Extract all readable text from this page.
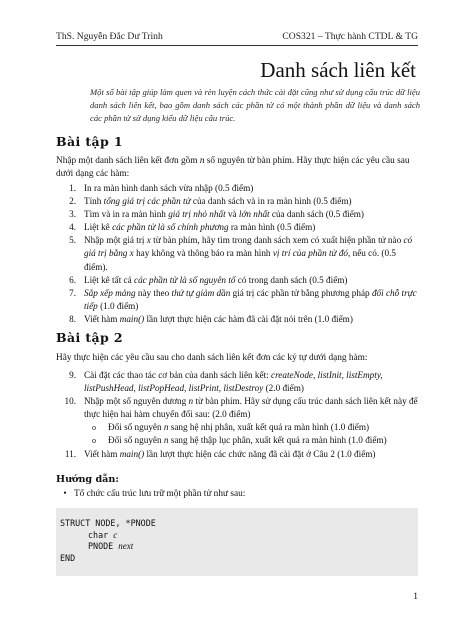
ThS. Nguyễn Đắc Dư Trình	COS321 – Thực hành CTDL & TG
Danh sách liên kết

Một số bài tập giúp làm quen và rèn luyện cách thức cài đặt cũng như sử dụng cấu trúc dữ liệu danh sách liên kết, bao gồm danh sách các phần tử có một thành phần dữ liệu và danh sách các phần tử sử dụng kiểu dữ liệu cấu trúc.

Bài tập 1

Nhập một danh sách liên kết đơn gồm n số nguyên từ bàn phím. Hãy thực hiện các yêu cầu sau dưới dạng các hàm:

1. In ra màn hình danh sách vừa nhập (0.5 điểm)
2. Tính tổng giá trị các phần tử của danh sách và in ra màn hình (0.5 điểm)
3. Tìm và in ra màn hình giá trị nhỏ nhất và lớn nhất của danh sách (0.5 điểm)
4. Liệt kê các phần tử là số chính phương ra màn hình (0.5 điểm)
5. Nhập một giá trị x từ bàn phím, hãy tìm trong danh sách xem có xuất hiện phần tử nào có giá trị bằng x hay không và thông báo ra màn hình vị trí của phần tử đó, nếu có. (0.5 điểm).
6. Liệt kê tất cả các phần tử là số nguyên tố có trong danh sách (0.5 điểm)
7. Sắp xếp mảng này theo thứ tự giảm dần giá trị các phần tử bằng phương pháp đổi chỗ trực tiếp (1.0 điểm)
8. Viết hàm main() lần lượt thực hiện các hàm đã cài đặt nói trên (1.0 điểm)
Bài tập 2

Hãy thực hiện các yêu cầu sau cho danh sách liên kết đơn các ký tự dưới dạng hàm:

9. Cài đặt các thao tác cơ bản của danh sách liên kết: createNode, listInit, listEmpty, listPushHead, listPopHead, listPrint, listDestroy (2.0 điểm)
10. Nhập một số nguyên dương n từ bàn phím. Hãy sử dụng cấu trúc danh sách liên kết này để thực hiện hai hàm chuyển đổi sau: (2.0 điểm)
o Đổi số nguyên n sang hệ nhị phân, xuất kết quả ra màn hình (1.0 điểm)
o Đổi số nguyên n sang hệ thập lục phân, xuất kết quả ra màn hình (1.0 điểm)
11. Viết hàm main() lần lượt thực hiện các chức năng đã cài đặt ở Câu 2 (1.0 điểm)
Hướng dẫn:
• Tổ chức cấu trúc lưu trữ một phần tử như sau:
STRUCT NODE, *PNODE
char c
PNODE next
END
1
